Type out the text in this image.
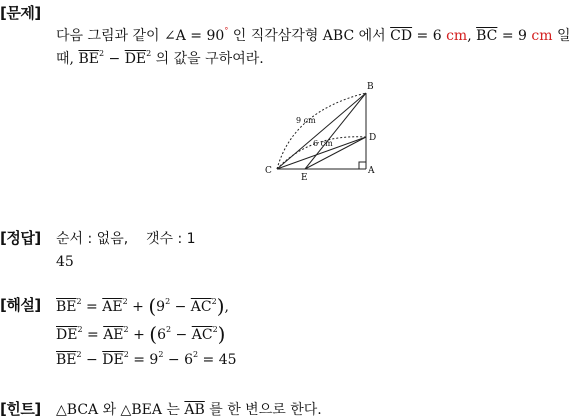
[문제]
다음 그림과 같이 ∠A = 90° 인 직각삼각형 ABC 에서 $\overline{CD} = 6$ cm, $\overline{BC} = 9$ cm 일
때, $\overline{BE}^2 - \overline{DE}^2$ 의 값을 구하여라.
B
D
C
E
A
9 cm
6 cm
[정답] 순서 : 없음,    갯수 : 1
45
[해설] $\overline{BE}^2 = \overline{AE}^2 + (9^2 - \overline{AC}^2)$,
$\overline{DE}^2 = \overline{AE}^2 + (6^2 - \overline{AC}^2)$
$\overline{BE}^2 - \overline{DE}^2 = 9^2 - 6^2 = 45$
[힌트] △BCA 와 △BEA 는 $\overline{AB}$ 를 한 변으로 한다.
